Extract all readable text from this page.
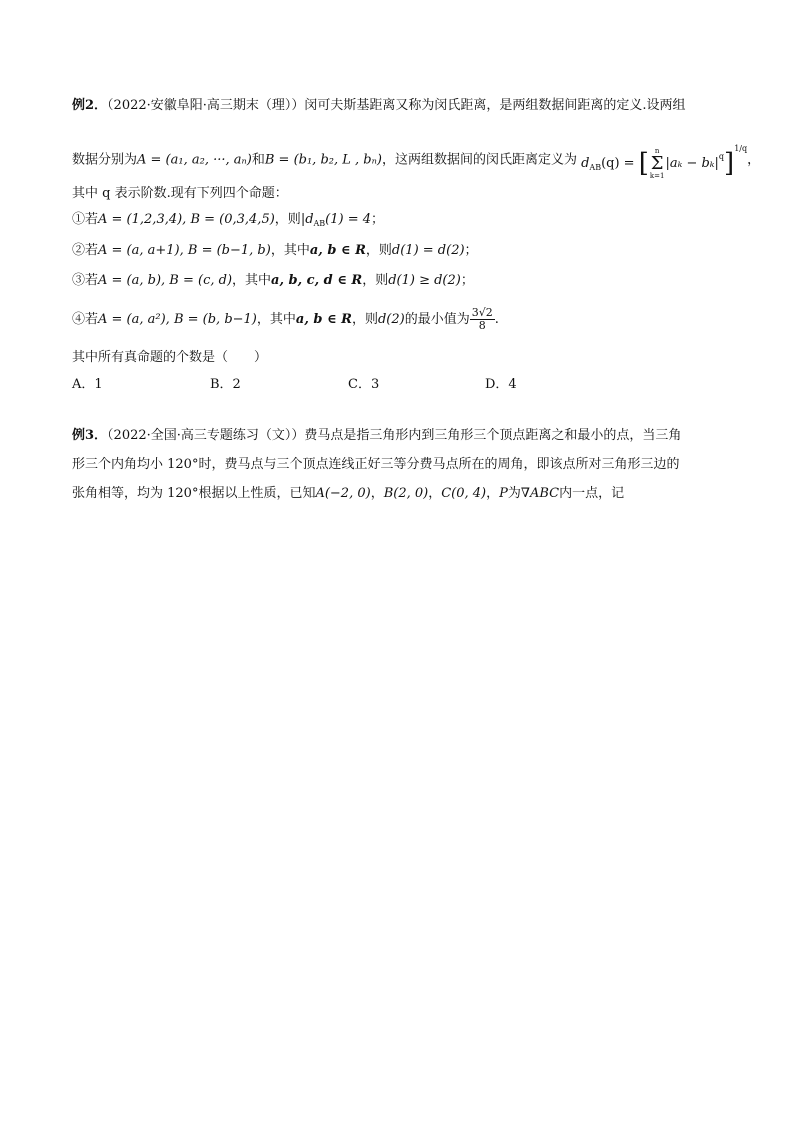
例2．（2022·安徽阜阳·高三期末（理））闵可夫斯基距离又称为闵氏距离，是两组数据间距离的定义.设两组
数据分别为A = (a₁, a₂, ···, aₙ)和B = (b₁, b₂, L , bₙ)，这两组数据间的闵氏距离定义为 $d_{AB}(q)$ = [ n
Σ
k=1
$|a_k - b_k|^q]^{1/q}$，
其中 q 表示阶数.现有下列四个命题：
①若A = (1,2,3,4), B = (0,3,4,5)，则$|d_{AB}(1) = 4$；
②若A = (a, a+1), B = (b−1, b)，其中a, b ∈ R，则d(1) = d(2)；
③若A = (a, b), B = (c, d)，其中a, b, c, d ∈ R，则d(1) ≥ d(2)；
④若A = (a, a²), B = (b, b−1)，其中a, b ∈ R，则d(2)的最小值为 $\frac{3√2}{8}$ .
其中所有真命题的个数是（　　）
A．1	B．2	C．3	D．4
例3．（2022·全国·高三专题练习（文））费马点是指三角形内到三角形三个顶点距离之和最小的点，当三角
形三个内角均小 120°时，费马点与三个顶点连线正好三等分费马点所在的周角，即该点所对三角形三边的
张角相等，均为 120°根据以上性质，已知A(−2, 0)，B(2, 0)，C(0, 4)，P为∇ABC内一点，记
